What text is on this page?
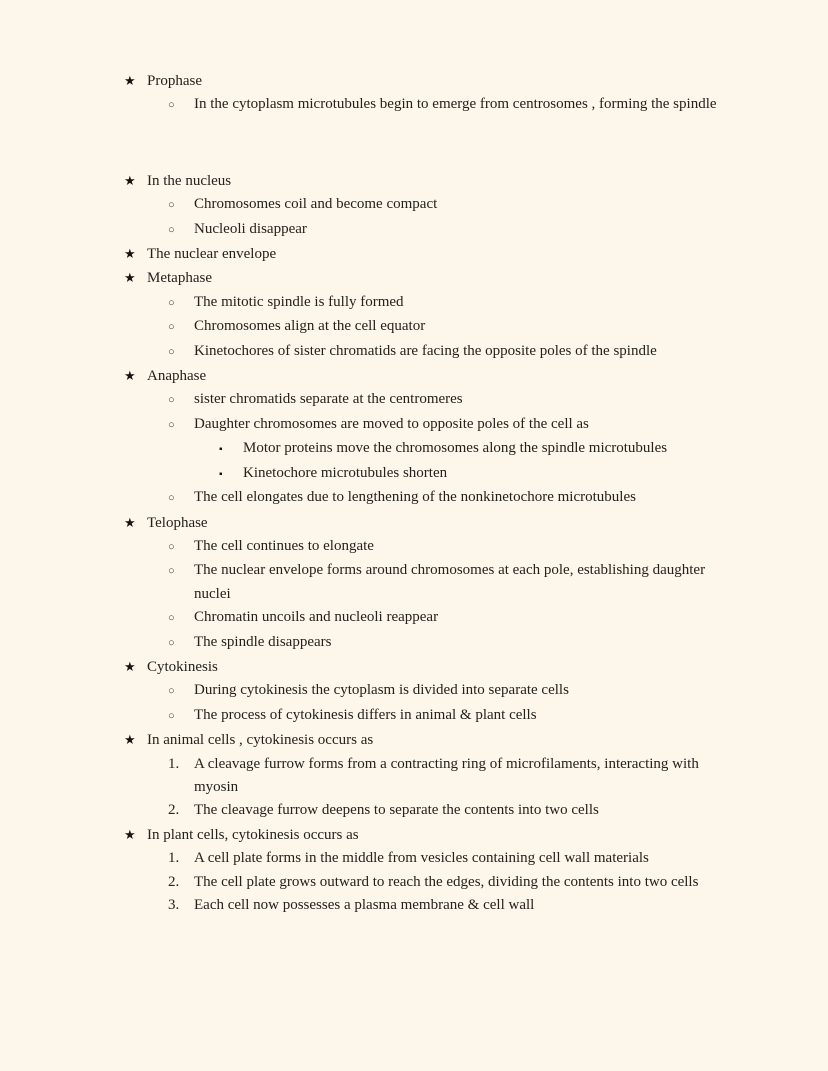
★ Prophase
○	In the cytoplasm microtubules begin to emerge from centrosomes , forming the spindle
★ In the nucleus
○	Chromosomes coil and become compact
○	Nucleoli disappear
★ The nuclear envelope
★ Metaphase
○	The mitotic spindle is fully formed
○	Chromosomes align at the cell equator
○	Kinetochores of sister chromatids are facing the opposite poles of the spindle
★ Anaphase
○	sister chromatids separate at the centromeres
○	Daughter chromosomes are moved to opposite poles of the cell as
▪	Motor proteins move the chromosomes along the spindle microtubules
▪	Kinetochore microtubules shorten
○	The cell elongates due to lengthening of the nonkinetochore microtubules
★ Telophase
○	The cell continues to elongate
○	The nuclear envelope forms around chromosomes at each pole, establishing daughter nuclei
○	Chromatin uncoils and nucleoli reappear
○	The spindle disappears
★ Cytokinesis
○	During cytokinesis the cytoplasm is divided into separate cells
○	The process of cytokinesis differs in animal & plant cells
★ In animal cells , cytokinesis occurs as
1. A cleavage furrow forms from a contracting ring of microfilaments, interacting with myosin
2. The cleavage furrow deepens to separate the contents into two cells
★ In plant cells, cytokinesis occurs as
1. A cell plate forms in the middle from vesicles containing cell wall materials
2. The cell plate grows outward to reach the edges, dividing the contents into two cells
3. Each cell now possesses a plasma membrane & cell wall
